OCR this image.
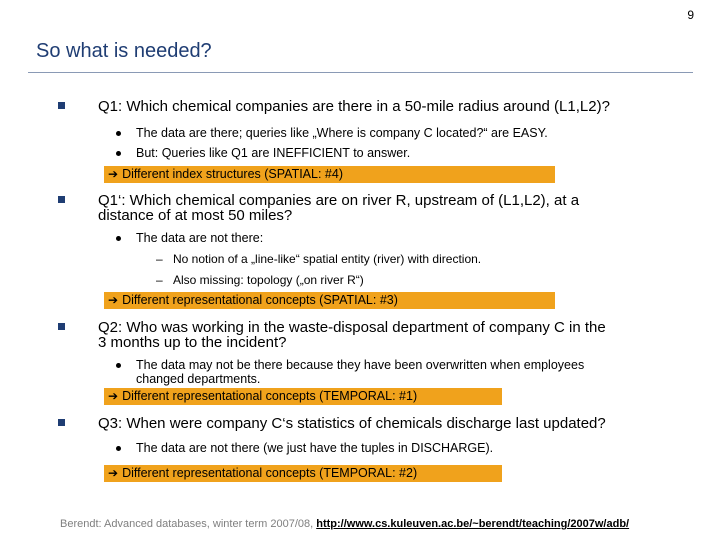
9
So what is needed?
Q1: Which chemical companies are there in a 50-mile radius around (L1,L2)?
The data are there; queries like „Where is company C located?“ are EASY.
But: Queries like Q1 are INEFFICIENT to answer.
➔ Different index structures (SPATIAL: #4)
Q1‘: Which chemical companies are on river R, upstream of (L1,L2), at a
distance of at most 50 miles?
The data are not there:
– No notion of a „line-like“ spatial entity (river) with direction.
– Also missing: topology („on river R“)
➔ Different representational concepts (SPATIAL: #3)
Q2: Who was working in the waste-disposal department of company C in the
3 months up to the incident?
The data may not be there because they have been overwritten when employees
changed departments.
➔ Different representational concepts (TEMPORAL: #1)
Q3: When were company C‘s statistics of chemicals discharge last updated?
The data are not there (we just have the tuples in DISCHARGE).
➔ Different representational concepts (TEMPORAL: #2)
Berendt: Advanced databases, winter term 2007/08, http://www.cs.kuleuven.ac.be/~berendt/teaching/2007w/adb/
